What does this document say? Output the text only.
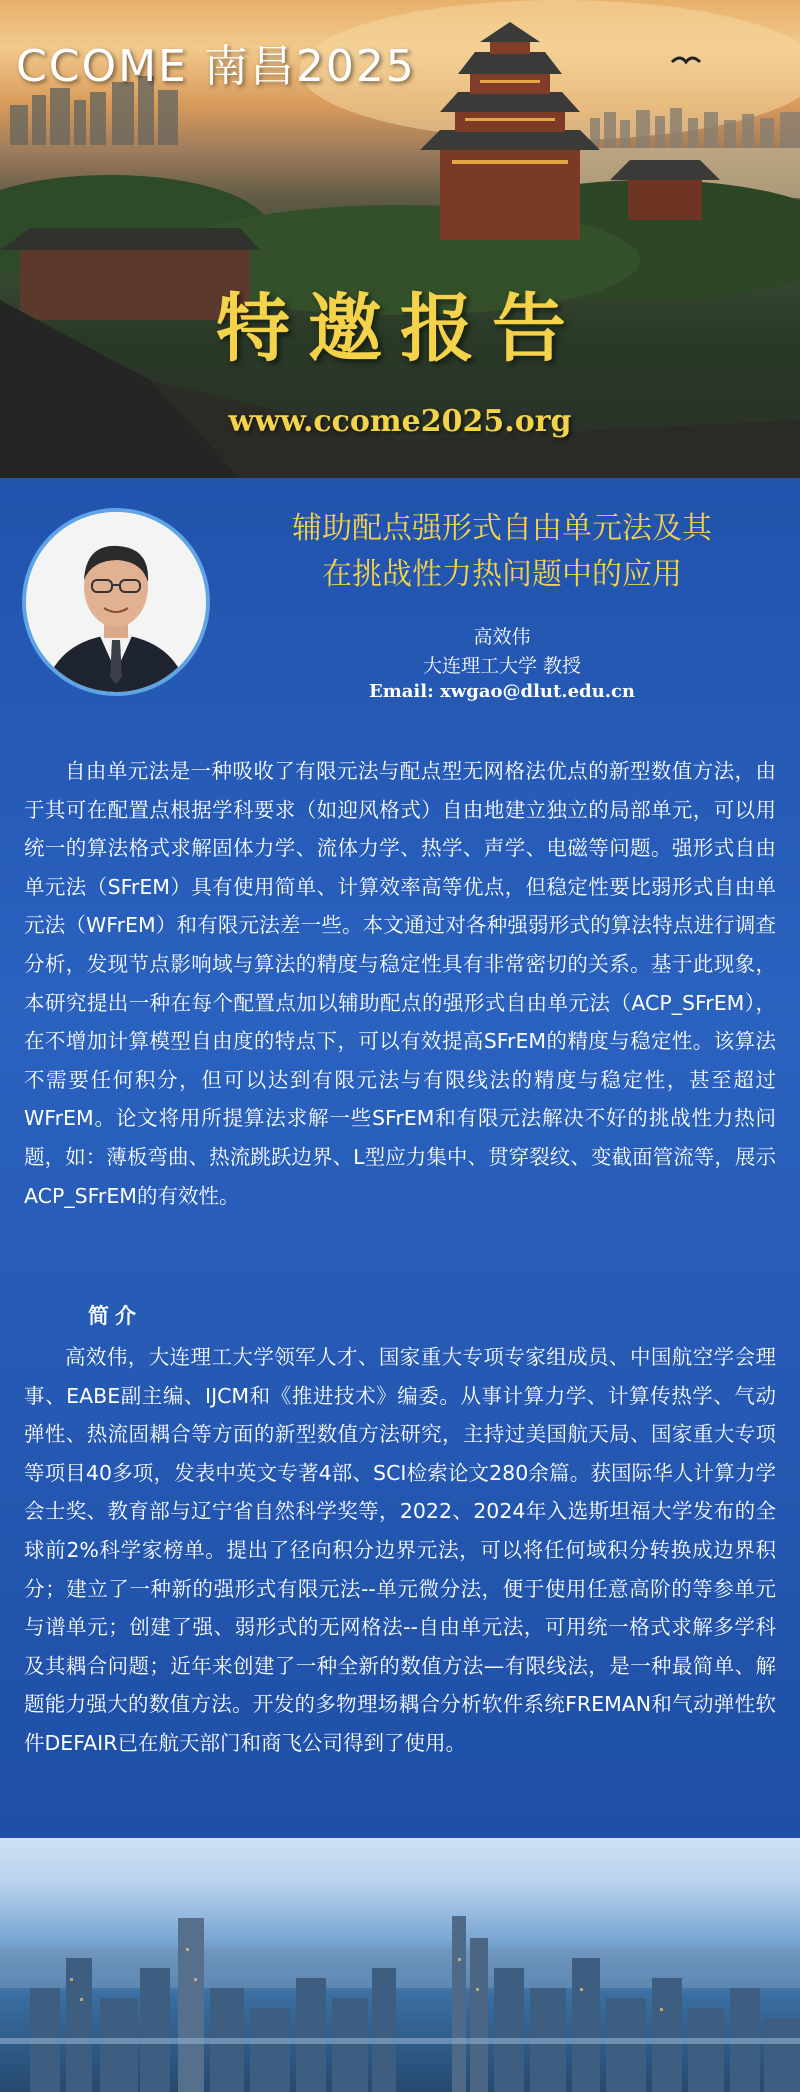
CCOME 南昌2025
特邀报告
www.ccome2025.org
辅助配点强形式自由单元法及其
在挑战性力热问题中的应用
高效伟
大连理工大学 教授
Email: xwgao@dlut.edu.cn

自由单元法是一种吸收了有限元法与配点型无网格法优点的新型数值方法，由于其可在配置点根据学科要求（如迎风格式）自由地建立独立的局部单元，可以用统一的算法格式求解固体力学、流体力学、热学、声学、电磁等问题。强形式自由单元法（SFrEM）具有使用简单、计算效率高等优点，但稳定性要比弱形式自由单元法（WFrEM）和有限元法差一些。本文通过对各种强弱形式的算法特点进行调查分析，发现节点影响域与算法的精度与稳定性具有非常密切的关系。基于此现象，本研究提出一种在每个配置点加以辅助配点的强形式自由单元法（ACP_SFrEM），在不增加计算模型自由度的特点下，可以有效提高SFrEM的精度与稳定性。该算法不需要任何积分，但可以达到有限元法与有限线法的精度与稳定性，甚至超过WFrEM。论文将用所提算法求解一些SFrEM和有限元法解决不好的挑战性力热问题，如：薄板弯曲、热流跳跃边界、L型应力集中、贯穿裂纹、变截面管流等，展示ACP_SFrEM的有效性。

简介

高效伟，大连理工大学领军人才、国家重大专项专家组成员、中国航空学会理事、EABE副主编、IJCM和《推进技术》编委。从事计算力学、计算传热学、气动弹性、热流固耦合等方面的新型数值方法研究，主持过美国航天局、国家重大专项等项目40多项，发表中英文专著4部、SCI检索论文280余篇。获国际华人计算力学会士奖、教育部与辽宁省自然科学奖等，2022、2024年入选斯坦福大学发布的全球前2%科学家榜单。提出了径向积分边界元法，可以将任何域积分转换成边界积分；建立了一种新的强形式有限元法--单元微分法，便于使用任意高阶的等参单元与谱单元；创建了强、弱形式的无网格法--自由单元法，可用统一格式求解多学科及其耦合问题；近年来创建了一种全新的数值方法—有限线法，是一种最简单、解题能力强大的数值方法。开发的多物理场耦合分析软件系统FREMAN和气动弹性软件DEFAIR已在航天部门和商飞公司得到了使用。
